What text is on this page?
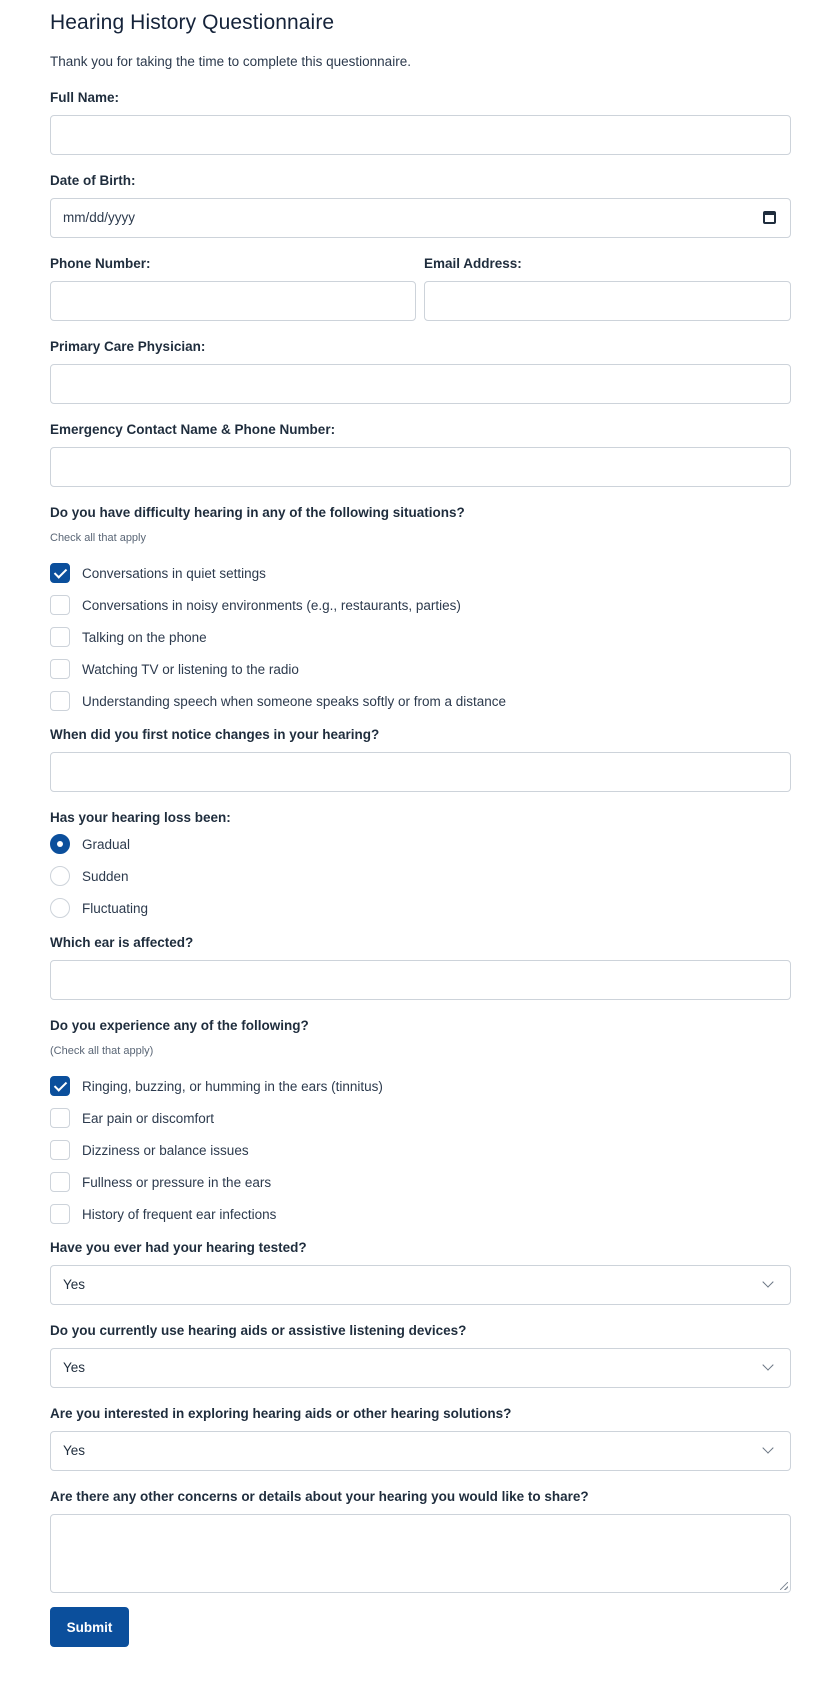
Hearing History Questionnaire
Thank you for taking the time to complete this questionnaire.
Full Name:
Date of Birth:
mm/dd/yyyy
Phone Number:	Email Address:
Primary Care Physician:
Emergency Contact Name & Phone Number:
Do you have difficulty hearing in any of the following situations?
Check all that apply
Conversations in quiet settings
Conversations in noisy environments (e.g., restaurants, parties)
Talking on the phone
Watching TV or listening to the radio
Understanding speech when someone speaks softly or from a distance
When did you first notice changes in your hearing?
Has your hearing loss been:
Gradual
Sudden
Fluctuating
Which ear is affected?
Do you experience any of the following?
(Check all that apply)
Ringing, buzzing, or humming in the ears (tinnitus)
Ear pain or discomfort
Dizziness or balance issues
Fullness or pressure in the ears
History of frequent ear infections
Have you ever had your hearing tested?
Yes
Do you currently use hearing aids or assistive listening devices?
Yes
Are you interested in exploring hearing aids or other hearing solutions?
Yes
Are there any other concerns or details about your hearing you would like to share?
Submit
